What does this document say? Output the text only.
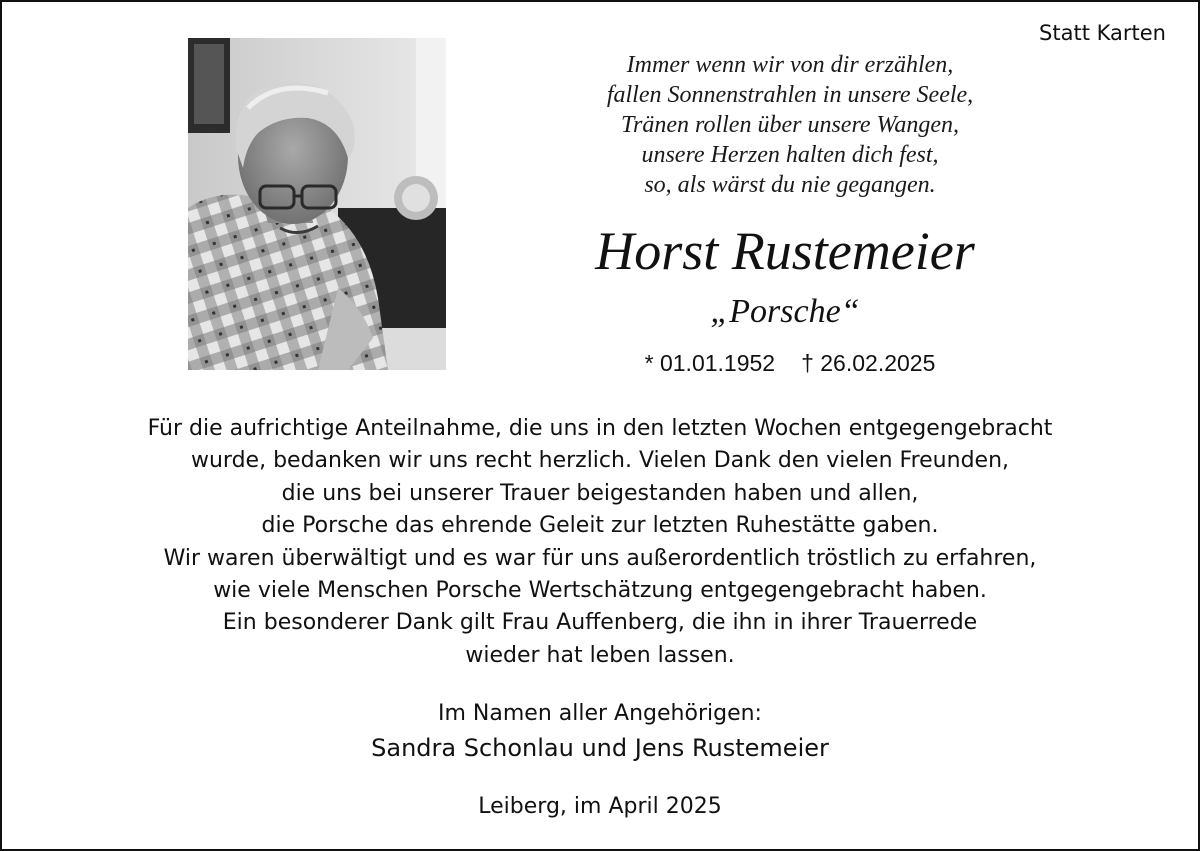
Statt Karten
Immer wenn wir von dir erzählen,
fallen Sonnenstrahlen in unsere Seele,
Tränen rollen über unsere Wangen,
unsere Herzen halten dich fest,
so, als wärst du nie gegangen.
Horst Rustemeier
„Porsche“
* 01.01.1952 † 26.02.2025
Für die aufrichtige Anteilnahme, die uns in den letzten Wochen entgegengebracht
wurde, bedanken wir uns recht herzlich. Vielen Dank den vielen Freunden,
die uns bei unserer Trauer beigestanden haben und allen,
die Porsche das ehrende Geleit zur letzten Ruhestätte gaben.
Wir waren überwältigt und es war für uns außerordentlich tröstlich zu erfahren,
wie viele Menschen Porsche Wertschätzung entgegengebracht haben.
Ein besonderer Dank gilt Frau Auffenberg, die ihn in ihrer Trauerrede
wieder hat leben lassen.
Im Namen aller Angehörigen:
Sandra Schonlau und Jens Rustemeier
Leiberg, im April 2025
